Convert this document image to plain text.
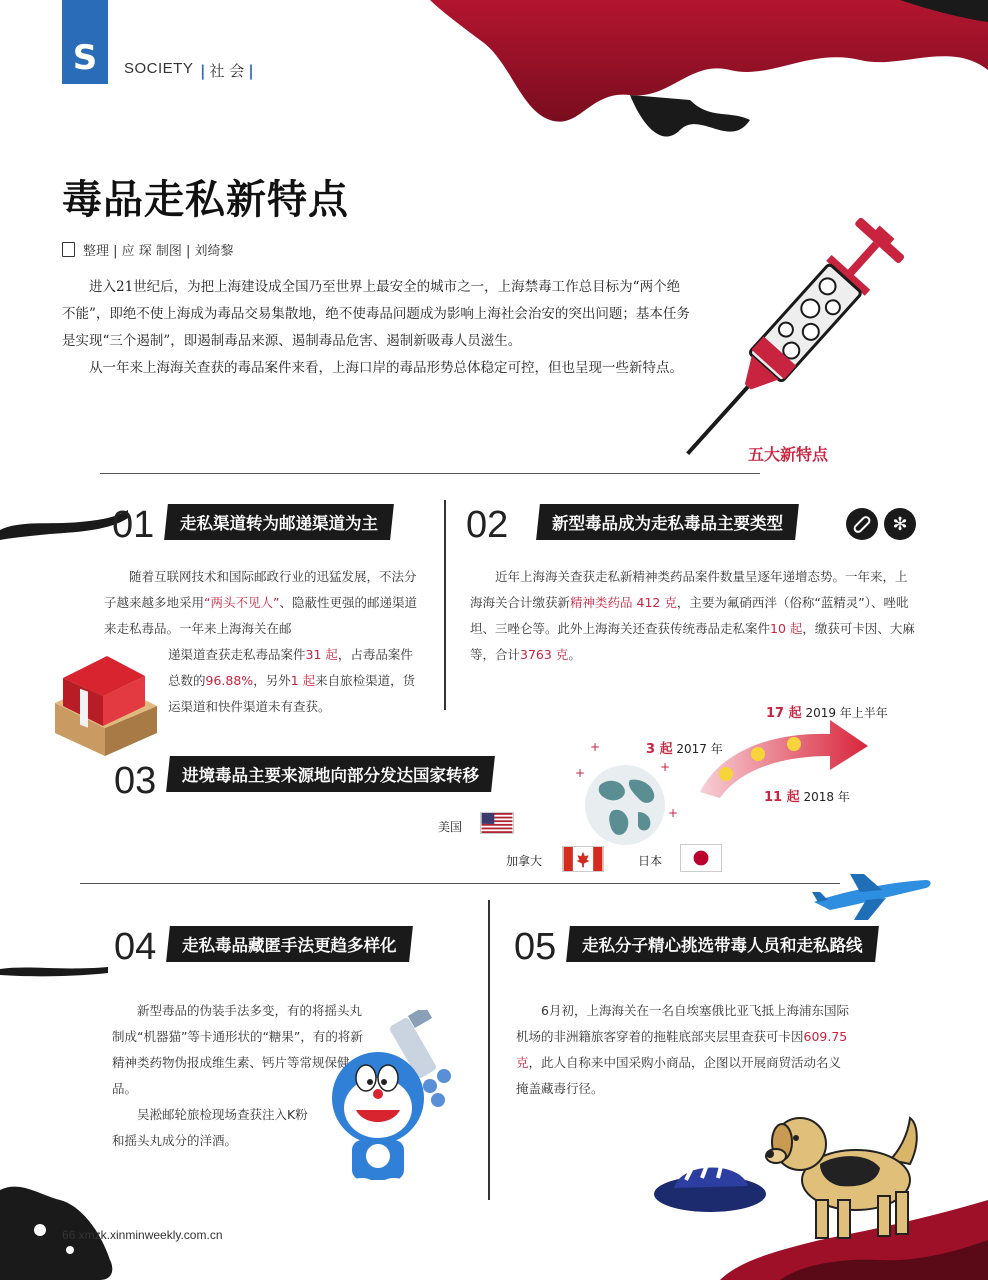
S	SOCIETY | 社 会 |
毒品走私新特点
整理 | 应 琛 制图 | 刘绮黎

进入21世纪后，为把上海建设成全国乃至世界上最安全的城市之一，上海禁毒工作总目标为“两个绝不能”，即绝不使上海成为毒品交易集散地，绝不使毒品问题成为影响上海社会治安的突出问题；基本任务是实现“三个遏制”，即遏制毒品来源、遏制毒品危害、遏制新吸毒人员滋生。

从一年来上海海关查获的毒品案件来看，上海口岸的毒品形势总体稳定可控，但也呈现一些新特点。

五大新特点
01	走私渠道转为邮递渠道为主

随着互联网技术和国际邮政行业的迅猛发展，不法分子越来越多地采用“两头不见人”、隐蔽性更强的邮递渠道来走私毒品。一年来上海海关在邮

递渠道查获走私毒品案件31 起，占毒品案件总数的96.88%，另外1 起来自旅检渠道，货运渠道和快件渠道未有查获。

02	新型毒品成为走私毒品主要类型	✻

近年上海海关查获走私新精神类药品案件数量呈逐年递增态势。一年来，上海海关合计缴获新精神类药品 412 克，主要为氟硝西泮（俗称“蓝精灵”）、唑吡坦、三唑仑等。此外上海海关还查获传统毒品走私案件10 起，缴获可卡因、大麻等，合计3763 克。

03	进境毒品主要来源地向部分发达国家转移
+
+	+
+
3 起 2017 年
11 起 2018 年
17 起 2019 年上半年
美国
加拿大	日本
04	走私毒品藏匿手法更趋多样化

新型毒品的伪装手法多变，有的将摇头丸制成“机器猫”等卡通形状的“糖果”，有的将新精神类药物伪报成维生素、钙片等常规保健品。

吴淞邮轮旅检现场查获注入K粉和摇头丸成分的洋酒。

05	走私分子精心挑选带毒人员和走私路线

6月初，上海海关在一名自埃塞俄比亚飞抵上海浦东国际机场的非洲籍旅客穿着的拖鞋底部夹层里查获可卡因609.75 克，此人自称来中国采购小商品，企图以开展商贸活动名义掩盖藏毒行径。

66 xmzk.xinminweekly.com.cn
